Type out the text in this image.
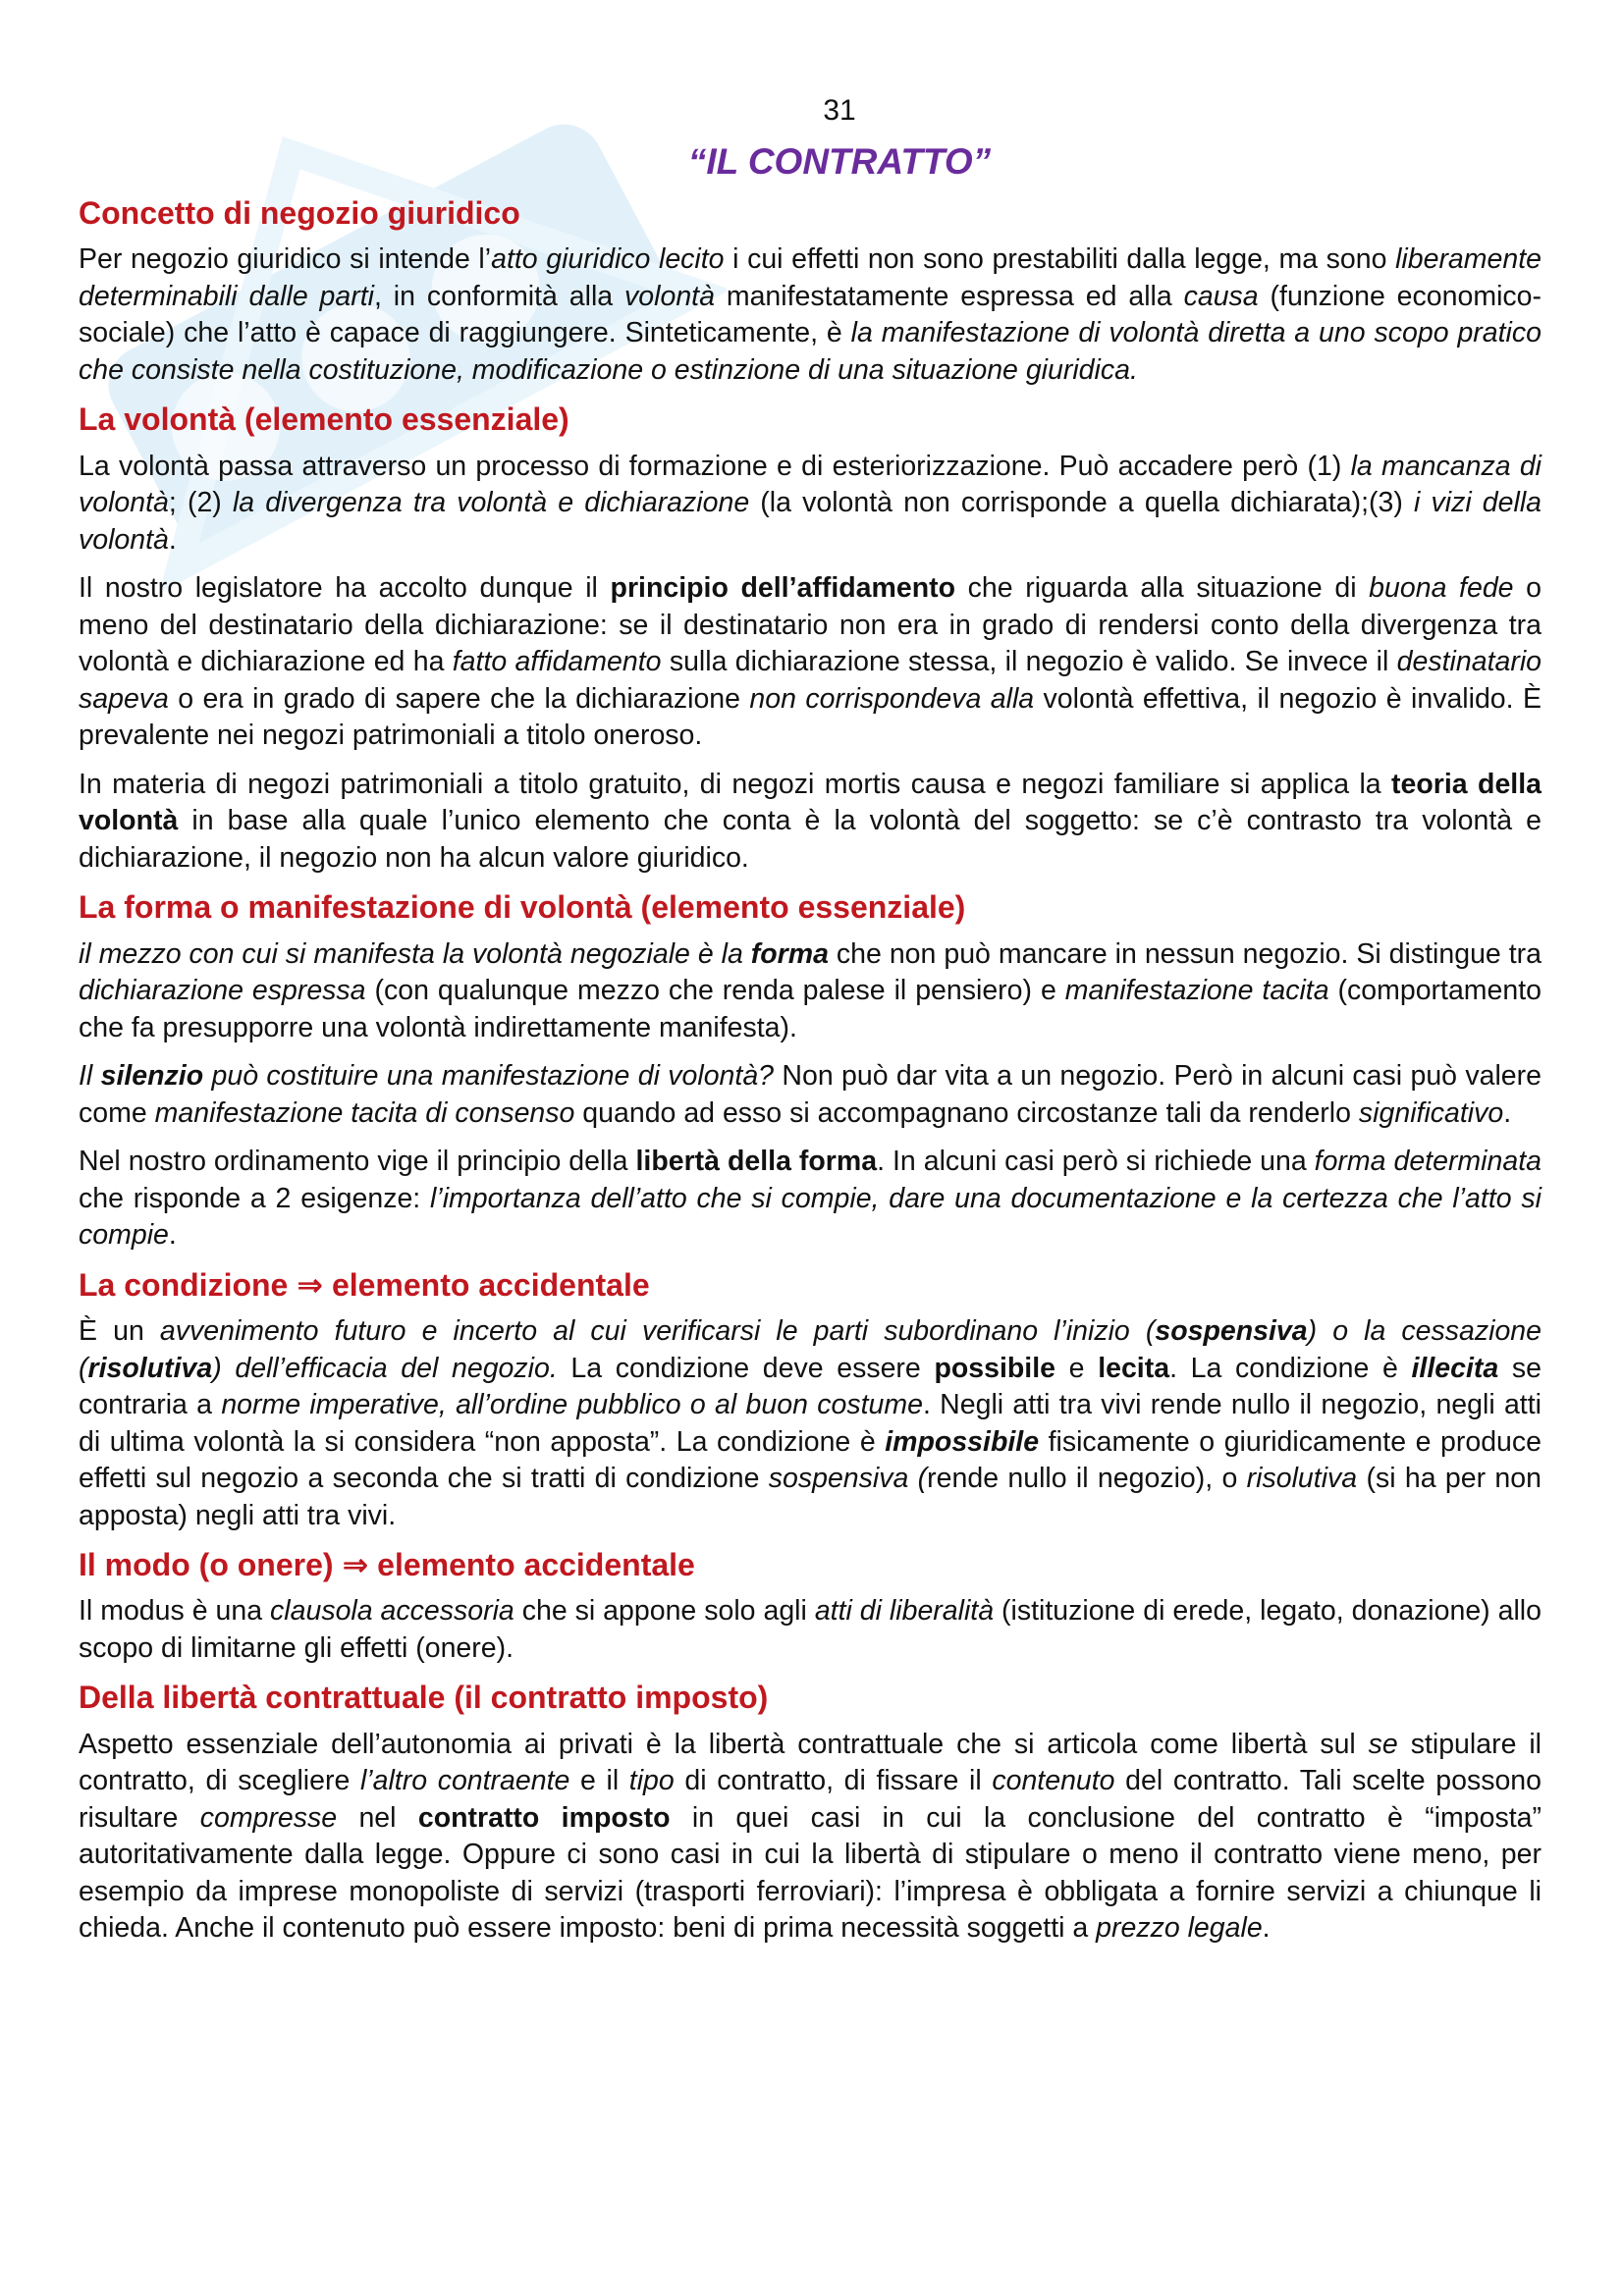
31
“IL CONTRATTO”
Concetto di negozio giuridico

Per negozio giuridico si intende l’atto giuridico lecito i cui effetti non sono prestabiliti dalla legge, ma sono liberamente determinabili dalle parti, in conformità alla volontà manifestatamente espressa ed alla causa (funzione economico-sociale) che l’atto è capace di raggiungere. Sinteticamente, è la manifestazione di volontà diretta a uno scopo pratico che consiste nella costituzione, modificazione o estinzione di una situazione giuridica.

La volontà (elemento essenziale)

La volontà passa attraverso un processo di formazione e di esteriorizzazione. Può accadere però (1) la mancanza di volontà; (2) la divergenza tra volontà e dichiarazione (la volontà non corrisponde a quella dichiarata);(3) i vizi della volontà.

Il nostro legislatore ha accolto dunque il principio dell’affidamento che riguarda alla situazione di buona fede o meno del destinatario della dichiarazione: se il destinatario non era in grado di rendersi conto della divergenza tra volontà e dichiarazione ed ha fatto affidamento sulla dichiarazione stessa, il negozio è valido. Se invece il destinatario sapeva o era in grado di sapere che la dichiarazione non corrispondeva alla volontà effettiva, il negozio è invalido. È prevalente nei negozi patrimoniali a titolo oneroso.

In materia di negozi patrimoniali a titolo gratuito, di negozi mortis causa e negozi familiare si applica la teoria della volontà in base alla quale l’unico elemento che conta è la volontà del soggetto: se c’è contrasto tra volontà e dichiarazione, il negozio non ha alcun valore giuridico.

La forma o manifestazione di volontà (elemento essenziale)

il mezzo con cui si manifesta la volontà negoziale è la forma che non può mancare in nessun negozio. Si distingue tra dichiarazione espressa (con qualunque mezzo che renda palese il pensiero) e manifestazione tacita (comportamento che fa presupporre una volontà indirettamente manifesta).

Il silenzio può costituire una manifestazione di volontà? Non può dar vita a un negozio. Però in alcuni casi può valere come manifestazione tacita di consenso quando ad esso si accompagnano circostanze tali da renderlo significativo.

Nel nostro ordinamento vige il principio della libertà della forma. In alcuni casi però si richiede una forma determinata che risponde a 2 esigenze: l’importanza dell’atto che si compie, dare una documentazione e la certezza che l’atto si compie.

La condizione ⇒ elemento accidentale

È un avvenimento futuro e incerto al cui verificarsi le parti subordinano l’inizio (sospensiva) o la cessazione (risolutiva) dell’efficacia del negozio. La condizione deve essere possibile e lecita. La condizione è illecita se contraria a norme imperative, all’ordine pubblico o al buon costume. Negli atti tra vivi rende nullo il negozio, negli atti di ultima volontà la si considera “non apposta”. La condizione è impossibile fisicamente o giuridicamente e produce effetti sul negozio a seconda che si tratti di condizione sospensiva (rende nullo il negozio), o risolutiva (si ha per non apposta) negli atti tra vivi.

Il modo (o onere) ⇒ elemento accidentale

Il modus è una clausola accessoria che si appone solo agli atti di liberalità (istituzione di erede, legato, donazione) allo scopo di limitarne gli effetti (onere).

Della libertà contrattuale (il contratto imposto)

Aspetto essenziale dell’autonomia ai privati è la libertà contrattuale che si articola come libertà sul se stipulare il contratto, di scegliere l’altro contraente e il tipo di contratto, di fissare il contenuto del contratto. Tali scelte possono risultare compresse nel contratto imposto in quei casi in cui la conclusione del contratto è “imposta” autoritativamente dalla legge. Oppure ci sono casi in cui la libertà di stipulare o meno il contratto viene meno, per esempio da imprese monopoliste di servizi (trasporti ferroviari): l’impresa è obbligata a fornire servizi a chiunque li chieda. Anche il contenuto può essere imposto: beni di prima necessità soggetti a prezzo legale.
